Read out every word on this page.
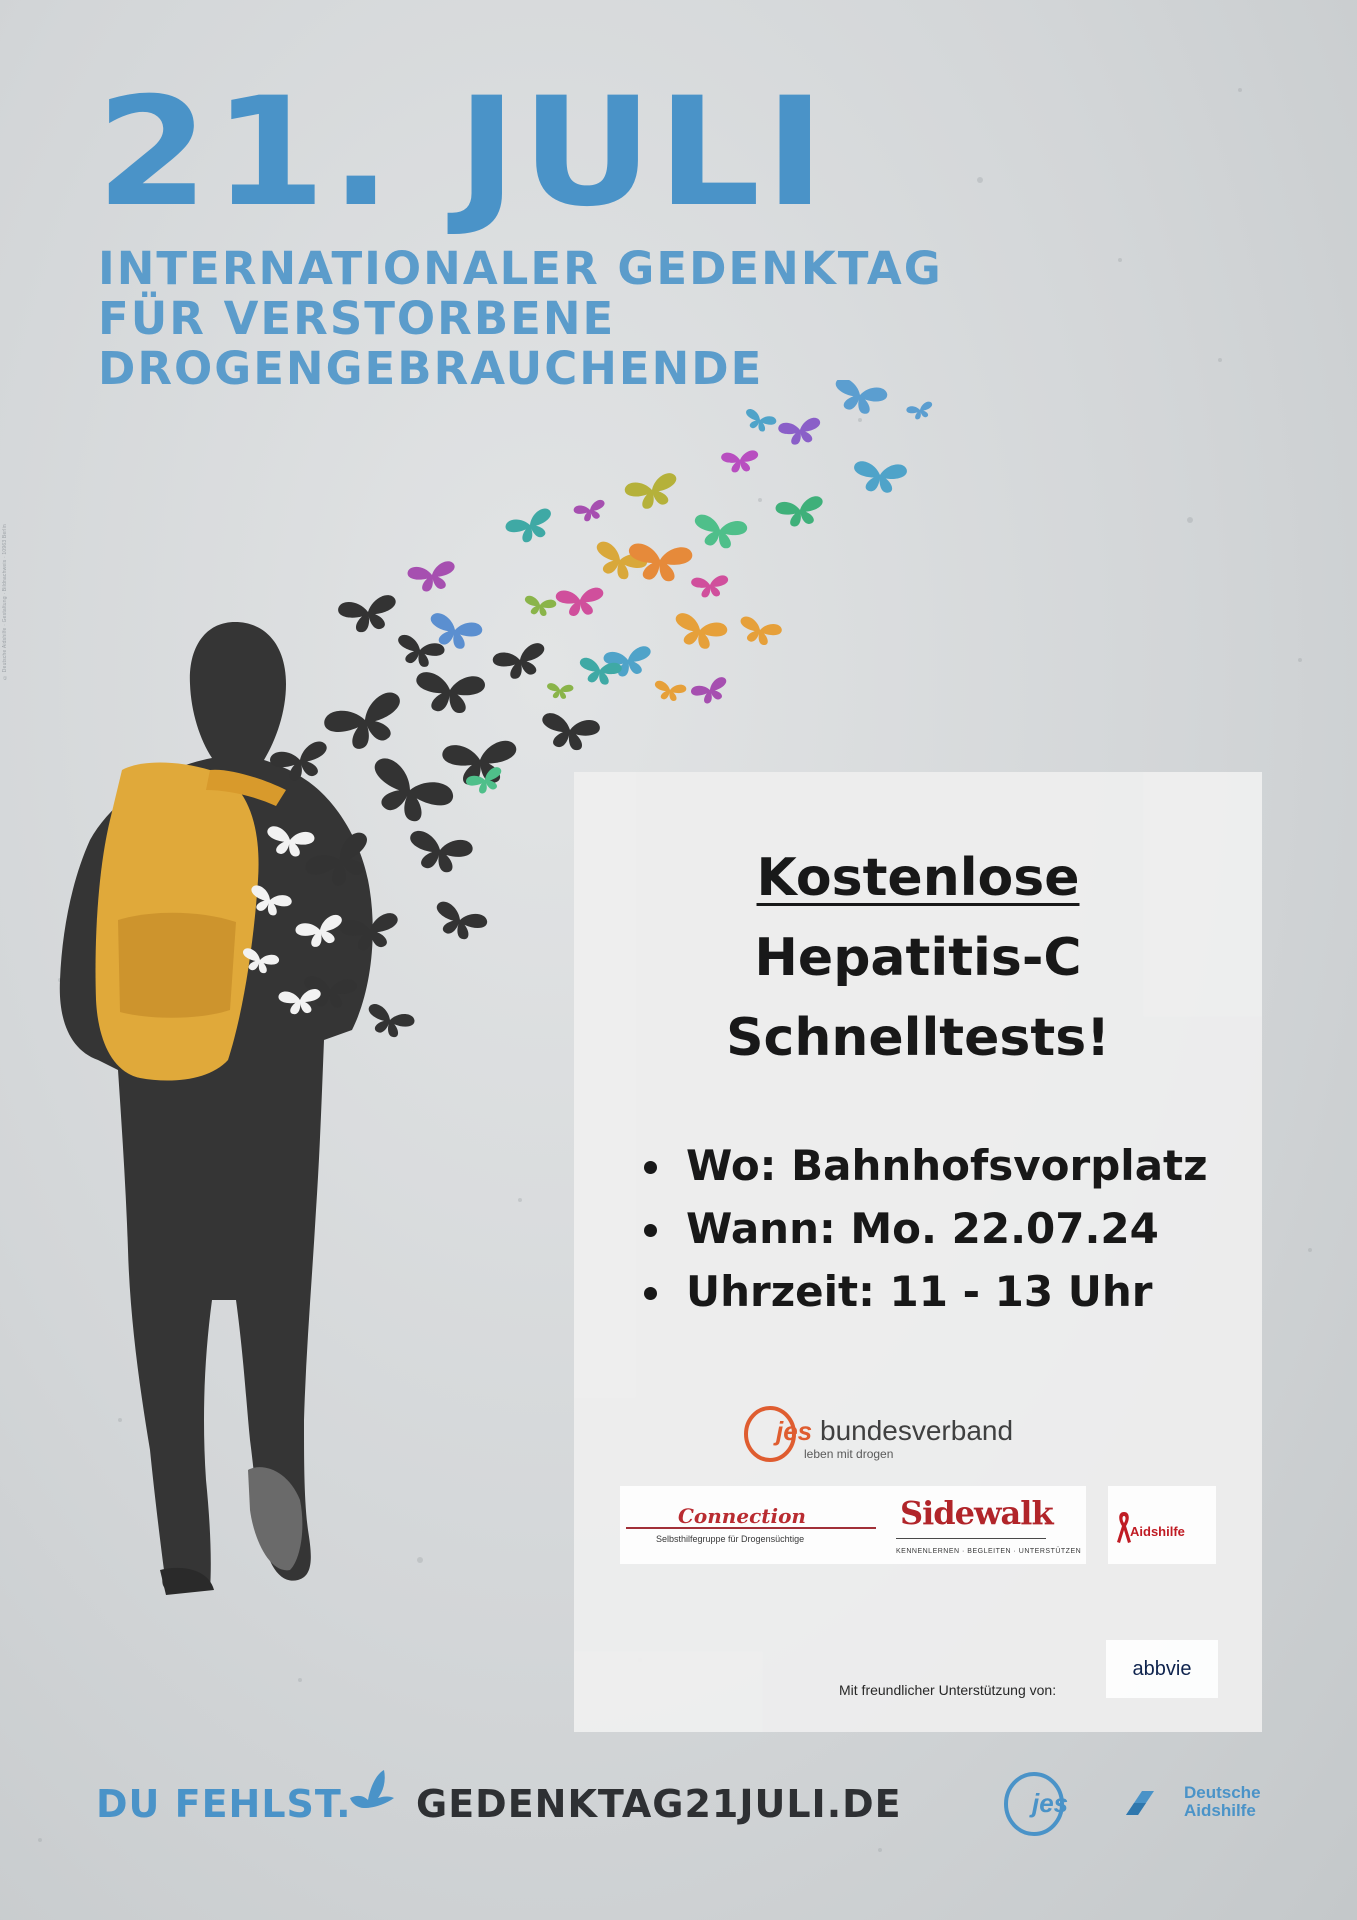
© Deutsche Aidshilfe · Gestaltung · Bildnachweis · 10963 Berlin
21. JULI
INTERNATIONALER GEDENKTAG
FÜR VERSTORBENE
DROGENGEBRAUCHENDE
Kostenlose
Hepatitis-C
Schnelltests!
Wo: Bahnhofsvorplatz
Wann: Mo. 22.07.24
Uhrzeit: 11 - 13 Uhr
jes bundesverband
leben mit drogen
Connection
Selbsthilfegruppe für Drogensüchtige
Sidewalk
KENNENLERNEN · BEGLEITEN · UNTERSTÜTZEN
Aidshilfe
Mit freundlicher Unterstützung von:
abbvie
DU FEHLST. GEDENKTAG21JULI.DE	jes	Deutsche
Aidshilfe
